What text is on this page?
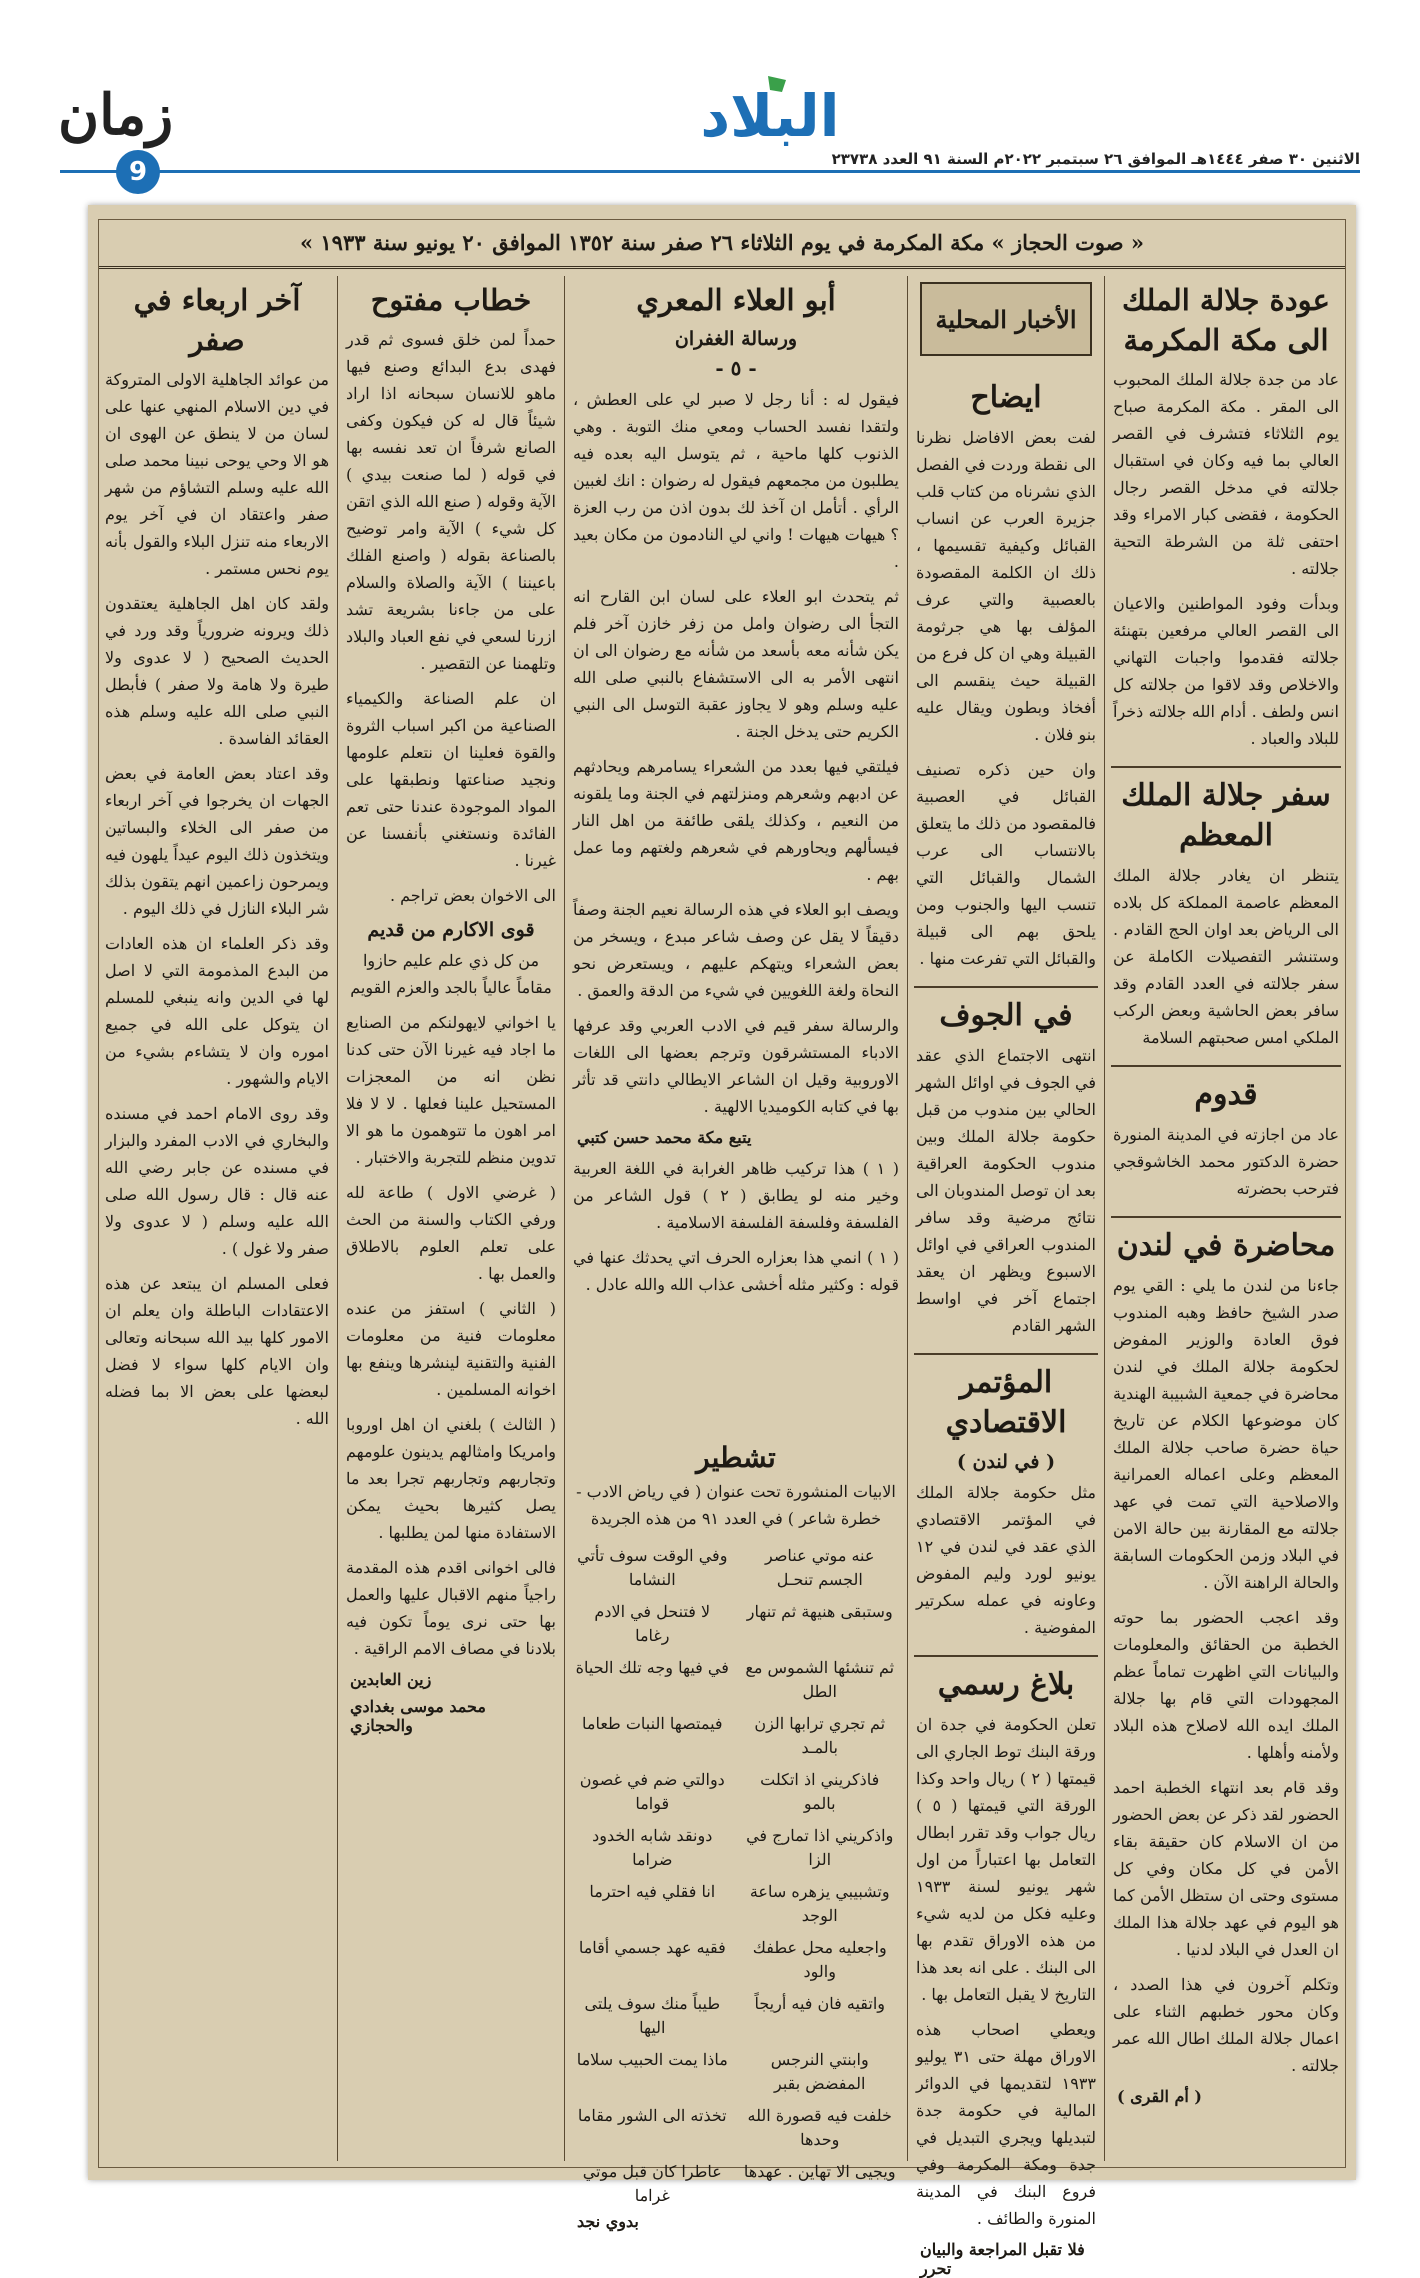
زمان
9
البلاد
الاثنين ٣٠ صفر ١٤٤٤هـ الموافق ٢٦ سبتمبر ٢٠٢٢م السنة ٩١ العدد ٢٣٧٣٨
« صوت الحجاز » مكة المكرمة في يوم الثلاثاء ٢٦ صفر سنة ١٣٥٢ الموافق ٢٠ يونيو سنة ١٩٣٣ »
عودة جلالة الملك الى مكة المكرمة

عاد من جدة جلالة الملك المحبوب الى المقر . مكة المكرمة صباح يوم الثلاثاء فتشرف في القصر العالي بما فيه وكان في استقبال جلالته في مدخل القصر رجال الحكومة ، فقضى كبار الامراء وقد احتفى ثلة من الشرطة التحية جلالته .

وبدأت وفود المواطنين والاعيان الى القصر العالي مرفعين بتهنئة جلالته فقدموا واجبات التهاني والاخلاص وقد لاقوا من جلالته كل انس ولطف . أدام الله جلالته ذخراً للبلاد والعباد .

سفر جلالة الملك المعظم

يتنظر ان يغادر جلالة الملك المعظم عاصمة المملكة كل بلاده الى الرياض بعد اوان الحج القادم . وستنشر التفصيلات الكاملة عن سفر جلالته في العدد القادم وقد سافر بعض الحاشية وبعض الركب الملكي امس صحبتهم السلامة

قدوم

عاد من اجازته في المدينة المنورة حضرة الدكتور محمد الخاشوقجي فترحب بحضرته

محاضرة في لندن

جاءنا من لندن ما يلي : القي يوم صدر الشيخ حافظ وهبه المندوب فوق العادة والوزير المفوض لحكومة جلالة الملك في لندن محاضرة في جمعية الشبيبة الهندية كان موضوعها الكلام عن تاريخ حياة حضرة صاحب جلالة الملك المعظم وعلى اعماله العمرانية والاصلاحية التي تمت في عهد جلالته مع المقارنة بين حالة الامن في البلاد وزمن الحكومات السابقة والحالة الراهنة الآن .

وقد اعجب الحضور بما حوته الخطبة من الحقائق والمعلومات والبيانات التي اظهرت تماماً عظم المجهودات التي قام بها جلالة الملك ايده الله لاصلاح هذه البلاد ولأمنه وأهلها .

وقد قام بعد انتهاء الخطبة احمد الحضور لقد ذكر عن بعض الحضور من ان الاسلام كان حقيقة بقاء الأمن في كل مكان وفي كل مستوى وحتى ان ستظل الأمن كما هو اليوم في عهد جلالة هذا الملك ان العدل في البلاد لدنيا .

وتكلم آخرون في هذا الصدد ، وكان محور خطبهم الثناء على اعمال جلالة الملك اطال الله عمر جلالته .

( أم القرى )
الأخبار المحلية
ايضاح

لفت بعض الافاضل نظرنا الى نقطة وردت في الفصل الذي نشرناه من كتاب قلب جزيرة العرب عن انساب القبائل وكيفية تقسيمها ، ذلك ان الكلمة المقصودة بالعصبية والتي عرف المؤلف بها هي جرثومة القبيلة وهي ان كل فرع من القبيلة حيث ينقسم الى أفخاذ وبطون ويقال عليه بنو فلان .

وان حين ذكره تصنيف القبائل في العصبية فالمقصود من ذلك ما يتعلق بالانتساب الى عرب الشمال والقبائل التي تنسب اليها والجنوب ومن يلحق بهم الى قبيلة والقبائل التي تفرعت منها .

في الجوف

انتهى الاجتماع الذي عقد في الجوف في اوائل الشهر الحالي بين مندوب من قبل حكومة جلالة الملك وبين مندوب الحكومة العراقية بعد ان توصل المندوبان الى نتائج مرضية وقد سافر المندوب العراقي في اوائل الاسبوع ويظهر ان يعقد اجتماع آخر في اواسط الشهر القادم

المؤتمر الاقتصادي
( في لندن )

مثل حكومة جلالة الملك في المؤتمر الاقتصادي الذي عقد في لندن في ١٢ يونيو لورد وليم المفوض وعاونه في عمله سكرتير المفوضية .

بلاغ رسمي

تعلن الحكومة في جدة ان ورقة البنك توط الجاري الى قيمتها ( ٢ ) ريال واحد وكذا الورقة التي قيمتها ( ٥ ) ريال جواب وقد تقرر ابطال التعامل بها اعتباراً من اول شهر يونيو لسنة ١٩٣٣ وعليه فكل من لديه شيء من هذه الاوراق تقدم بها الى البنك . على انه بعد هذا التاريخ لا يقبل التعامل بها .

ويعطي اصحاب هذه الاوراق مهلة حتى ٣١ يوليو ١٩٣٣ لتقديمها في الدوائر المالية في حكومة جدة لتبديلها ويجري التبديل في جدة ومكة المكرمة وفي فروع البنك في المدينة المنورة والطائف .

فلا تقبل المراجعة والبيان تحرر
أبو العلاء المعري
ورسالة الغفران
- ٥ -

فيقول له : أنا رجل لا صبر لي على العطش ، ولتقدا نفسد الحساب ومعي منك التوبة . وهي الذنوب كلها ماحية ، ثم يتوسل اليه بعده فيه يطلبون من مجمعهم فيقول له رضوان : انك لغبين الرأي . أتأمل ان آخذ لك بدون اذن من رب العزة ؟ هيهات هيهات ! واني لي النادمون من مكان بعيد .

ثم يتحدث ابو العلاء على لسان ابن القارح انه التجأ الى رضوان وامل من زفر خازن آخر فلم يكن شأنه معه بأسعد من شأنه مع رضوان الى ان انتهى الأمر به الى الاستشفاع بالنبي صلى الله عليه وسلم وهو لا يجاوز عقبة التوسل الى النبي الكريم حتى يدخل الجنة .

فيلتقي فيها بعدد من الشعراء يسامرهم ويحادثهم عن ادبهم وشعرهم ومنزلتهم في الجنة وما يلقونه من النعيم ، وكذلك يلقى طائفة من اهل النار فيسألهم ويحاورهم في شعرهم ولغتهم وما عمل بهم .

ويصف ابو العلاء في هذه الرسالة نعيم الجنة وصفاً دقيقاً لا يقل عن وصف شاعر مبدع ، ويسخر من بعض الشعراء ويتهكم عليهم ، ويستعرض نحو النحاة ولغة اللغويين في شيء من الدقة والعمق .

والرسالة سفر قيم في الادب العربي وقد عرفها الادباء المستشرقون وترجم بعضها الى اللغات الاوروبية وقيل ان الشاعر الايطالي دانتي قد تأثر بها في كتابه الكوميديا الالهية .

يتبع مكة محمد حسن كتبي

( ١ ) هذا تركيب ظاهر الغرابة في اللغة العربية وخير منه لو يطابق ( ٢ ) قول الشاعر من الفلسفة وفلسفة الفلسفة الاسلامية .

( ١ ) انمي هذا بعزاره الحرف اتي يحدثك عنها في قوله : وكثير مثله أخشى عذاب الله والله عادل .

تشطير

الابيات المنشورة تحت عنوان ( في رياض الادب - خطرة شاعر ) في العدد ٩١ من هذه الجريدة

عنه موتي عناصر الجسم تنحـل
وفي الوقت سوف تأتي النشاما
وستبقى هنيهة ثم تنهار
لا فتنحل في الادم رغاما
ثم تنشئها الشموس مع الطل
في فيها وجه تلك الحياة
ثم تجري ترابها الزن بالمـد
فيمتصها النبات طعاما
فاذكريني اذ اتكلت بالمو
دوالتي ضم في غصون قواما
واذكريني اذا تمارج في الزا
دونقد شابه الخدود ضراما
وتشبيبي يزهره ساعة الوجد
انا فقلي فيه احترما
واجعليه محل عطفك والود
فقيه عهد جسمي أقاما
واتقيه فان فيه أريجاً
طيباً منك سوف يلتى اليها
وابنتي النرجس المفضض بقبر
ماذا يمت الحبيب سلاما
خلفت فيه قصورة الله وحدها
تخذته الى الشور مقاما
ويجيى الا تهاين . عهدها
عاطرا كان قبل موتي غراما
بدوي نجد
خطاب مفتوح

حمداً لمن خلق فسوى ثم قدر فهدى بدع البدائع وصنع فيها ماهو للانسان سبحانه اذا اراد شيئاً قال له كن فيكون وكفى الصانع شرفاً ان تعد نفسه بها في قوله ( لما صنعت بيدي ) الآية وقوله ( صنع الله الذي اتقن كل شيء ) الآية وامر توضيح بالصناعة بقوله ( واصنع الفلك باعيننا ) الآية والصلاة والسلام على من جاءنا بشريعة تشد ازرنا لسعي في نفع العباد والبلاد وتلهمنا عن التقصير .

ان علم الصناعة والكيمياء الصناعية من اكبر اسباب الثروة والقوة فعلينا ان نتعلم علومها ونجيد صناعتها ونطبقها على المواد الموجودة عندنا حتى تعم الفائدة ونستغني بأنفسنا عن غيرنا .

الى الاخوان بعض تراجم .

قوى الاكارم من قديم

من كل ذي علم عليم حازوا مقاماً عالياً بالجد والعزم القويم

يا اخواني لايهولنكم من الصنايع ما اجاد فيه غيرنا الآن حتى كدنا نظن انه من المعجزات المستحيل علينا فعلها . لا لا فلا امر اهون ما تتوهمون ما هو الا تدوين منظم للتجربة والاختبار .

( غرضي الاول ) طاعة لله ورفي الكتاب والسنة من الحث على تعلم العلوم بالاطلاق والعمل بها .

( الثاني ) استفز من عنده معلومات فنية من معلومات الفنية والتقنية لينشرها وينفع بها اخوانه المسلمين .

( الثالث ) بلغني ان اهل اوروبا وامريكا وامثالهم يدينون علومهم وتجاربهم وتجاربهم تجرا بعد ما يصل كثيرها بحيث يمكن الاستفادة منها لمن يطلبها .

فالى اخوانى اقدم هذه المقدمة راجياً منهم الاقبال عليها والعمل بها حتى نرى يوماً تكون فيه بلادنا في مصاف الامم الراقية .

زين العابدين
محمد موسى بغدادي والحجازي
آخر اربعاء في صفر

من عوائد الجاهلية الاولى المتروكة في دين الاسلام المنهي عنها على لسان من لا ينطق عن الهوى ان هو الا وحي يوحى نبينا محمد صلى الله عليه وسلم التشاؤم من شهر صفر واعتقاد ان في آخر يوم الاربعاء منه تنزل البلاء والقول بأنه يوم نحس مستمر .

ولقد كان اهل الجاهلية يعتقدون ذلك ويرونه ضرورياً وقد ورد في الحديث الصحيح ( لا عدوى ولا طيرة ولا هامة ولا صفر ) فأبطل النبي صلى الله عليه وسلم هذه العقائد الفاسدة .

وقد اعتاد بعض العامة في بعض الجهات ان يخرجوا في آخر اربعاء من صفر الى الخلاء والبساتين ويتخذون ذلك اليوم عيداً يلهون فيه ويمرحون زاعمين انهم يتقون بذلك شر البلاء النازل في ذلك اليوم .

وقد ذكر العلماء ان هذه العادات من البدع المذمومة التي لا اصل لها في الدين وانه ينبغي للمسلم ان يتوكل على الله في جميع اموره وان لا يتشاءم بشيء من الايام والشهور .

وقد روى الامام احمد في مسنده والبخاري في الادب المفرد والبزار في مسنده عن جابر رضي الله عنه قال : قال رسول الله صلى الله عليه وسلم ( لا عدوى ولا صفر ولا غول ) .

فعلى المسلم ان يبتعد عن هذه الاعتقادات الباطلة وان يعلم ان الامور كلها بيد الله سبحانه وتعالى وان الايام كلها سواء لا فضل لبعضها على بعض الا بما فضله الله .
